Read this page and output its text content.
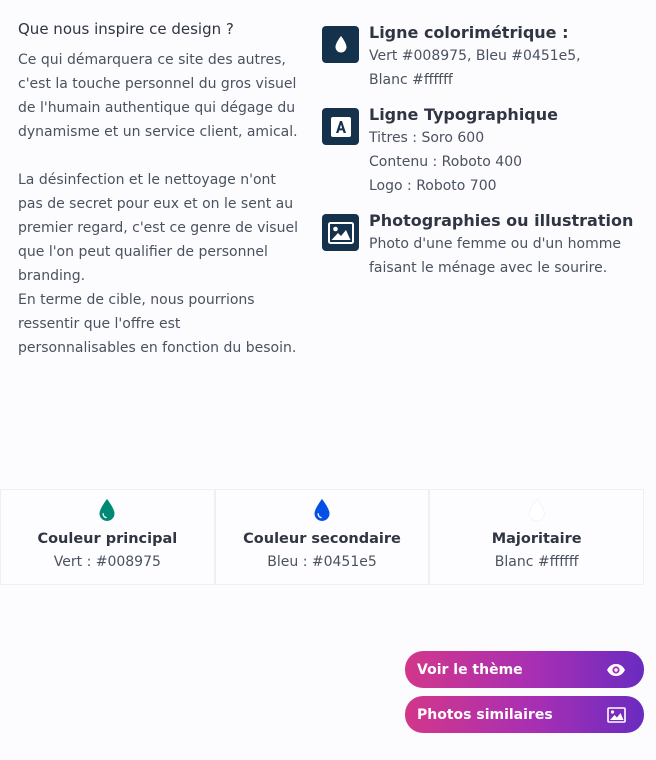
Que nous inspire ce design ?

Ce qui démarquera ce site des autres, c'est la touche personnel du gros visuel de l'humain authentique qui dégage du dynamisme et un service client, amical.

La désinfection et le nettoyage n'ont pas de secret pour eux et on le sent au premier regard, c'est ce genre de visuel que l'on peut qualifier de personnel branding.
En terme de cible, nous pourrions ressentir que l'offre est personnalisables en fonction du besoin.
Ligne colorimétrique :
Vert #008975, Bleu #0451e5,
Blanc #ffffff
Ligne Typographique
Titres : Soro 600
Contenu : Roboto 400
Logo : Roboto 700
Photographies ou illustration
Photo d'une femme ou d'un homme
faisant le ménage avec le sourire.
Couleur principal
Vert : #008975
Couleur secondaire
Bleu : #0451e5
Majoritaire
Blanc #ffffff
Voir le thème
Photos similaires
